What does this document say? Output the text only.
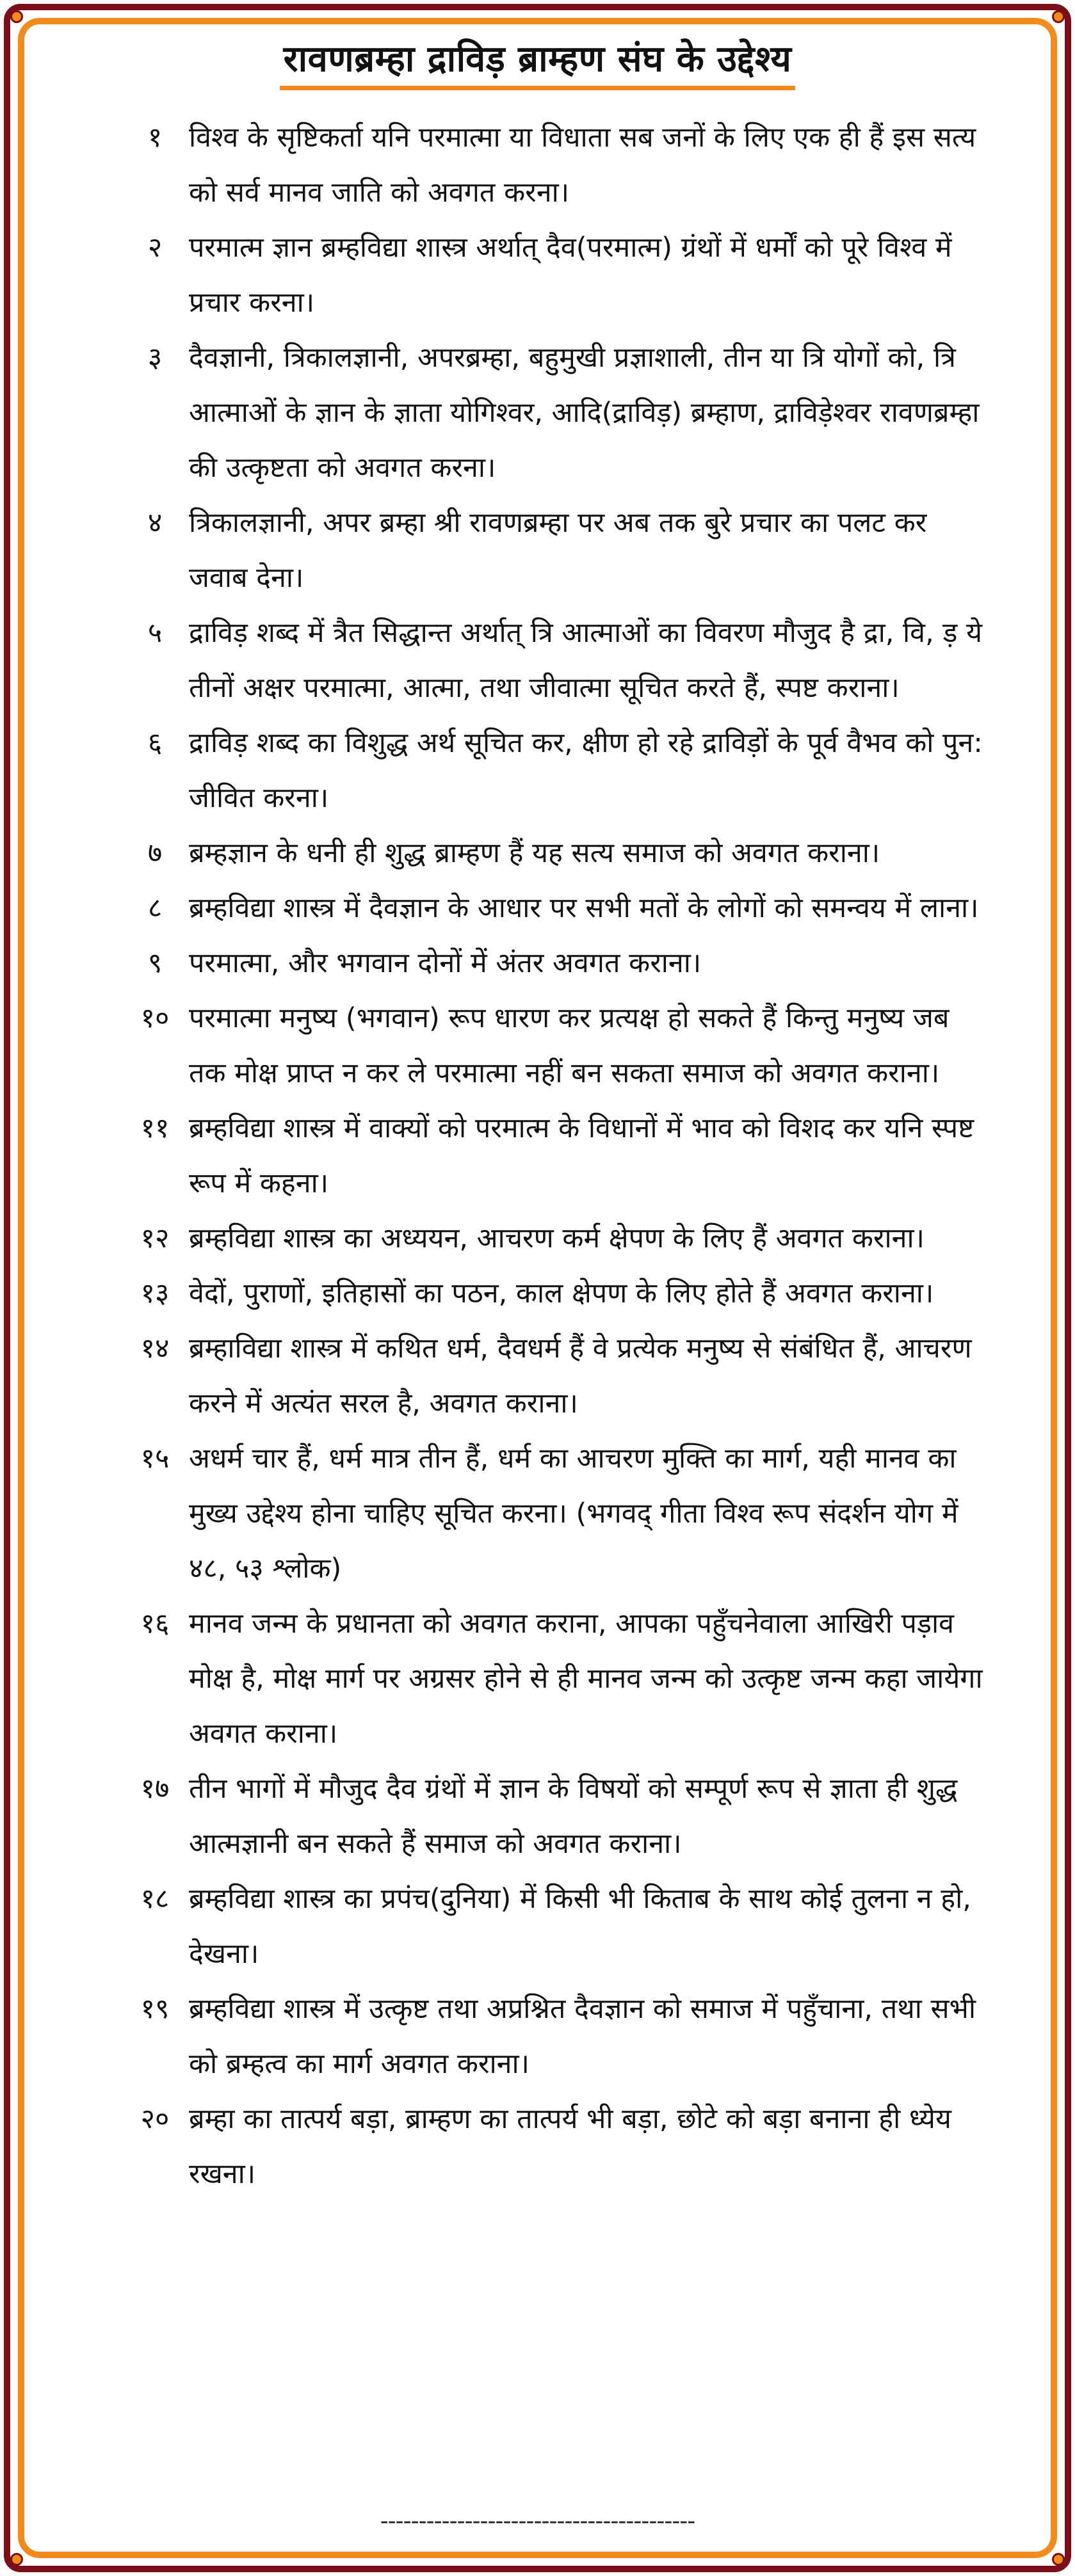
रावणब्रम्हा द्राविड़ ब्राम्हण संघ के उद्देश्य
१ विश्व के सृष्टिकर्ता यनि परमात्मा या विधाता सब जनों के लिए एक ही हैं इस सत्य को सर्व मानव जाति को अवगत करना।
२ परमात्म ज्ञान ब्रम्हविद्या शास्त्र अर्थात् दैव(परमात्म) ग्रंथों में धर्मों को पूरे विश्व में प्रचार करना।
३ दैवज्ञानी, त्रिकालज्ञानी, अपरब्रम्हा, बहुमुखी प्रज्ञाशाली, तीन या त्रि योगों को, त्रि आत्माओं के ज्ञान के ज्ञाता योगिश्वर, आदि(द्राविड़) ब्रम्हाण, द्राविड़ेश्वर रावणब्रम्हा की उत्कृष्टता को अवगत करना।
४ त्रिकालज्ञानी, अपर ब्रम्हा श्री रावणब्रम्हा पर अब तक बुरे प्रचार का पलट कर जवाब देना।
५ द्राविड़ शब्द में त्रैत सिद्धान्त अर्थात् त्रि आत्माओं का विवरण मौजुद है द्रा, वि, ड़ ये तीनों अक्षर परमात्मा, आत्मा, तथा जीवात्मा सूचित करते हैं, स्पष्ट कराना।
६ द्राविड़ शब्द का विशुद्ध अर्थ सूचित कर, क्षीण हो रहे द्राविड़ों के पूर्व वैभव को पुन: जीवित करना।
७ ब्रम्हज्ञान के धनी ही शुद्ध ब्राम्हण हैं यह सत्य समाज को अवगत कराना।
८ ब्रम्हविद्या शास्त्र में दैवज्ञान के आधार पर सभी मतों के लोगों को समन्वय में लाना।
९ परमात्मा, और भगवान दोनों में अंतर अवगत कराना।
१० परमात्मा मनुष्य (भगवान) रूप धारण कर प्रत्यक्ष हो सकते हैं किन्तु मनुष्य जब तक मोक्ष प्राप्त न कर ले परमात्मा नहीं बन सकता समाज को अवगत कराना।
११ ब्रम्हविद्या शास्त्र में वाक्यों को परमात्म के विधानों में भाव को विशद कर यनि स्पष्ट रूप में कहना।
१२ ब्रम्हविद्या शास्त्र का अध्ययन, आचरण कर्म क्षेपण के लिए हैं अवगत कराना।
१३ वेदों, पुराणों, इतिहासों का पठन, काल क्षेपण के लिए होते हैं अवगत कराना।
१४ ब्रम्हाविद्या शास्त्र में कथित धर्म, दैवधर्म हैं वे प्रत्येक मनुष्य से संबंधित हैं, आचरण करने में अत्यंत सरल है, अवगत कराना।
१५ अधर्म चार हैं, धर्म मात्र तीन हैं, धर्म का आचरण मुक्ति का मार्ग, यही मानव का मुख्य उद्देश्य होना चाहिए सूचित करना। (भगवद् गीता विश्व रूप संदर्शन योग में ४८, ५३ श्लोक)
१६ मानव जन्म के प्रधानता को अवगत कराना, आपका पहुँचनेवाला आखिरी पड़ाव मोक्ष है, मोक्ष मार्ग पर अग्रसर होने से ही मानव जन्म को उत्कृष्ट जन्म कहा जायेगा अवगत कराना।
१७ तीन भागों में मौजुद दैव ग्रंथों में ज्ञान के विषयों को सम्पूर्ण रूप से ज्ञाता ही शुद्ध आत्मज्ञानी बन सकते हैं समाज को अवगत कराना।
१८ ब्रम्हविद्या शास्त्र का प्रपंच(दुनिया) में किसी भी किताब के साथ कोई तुलना न हो, देखना।
१९ ब्रम्हविद्या शास्त्र में उत्कृष्ट तथा अप्रश्नित दैवज्ञान को समाज में पहुँचाना, तथा सभी को ब्रम्हत्व का मार्ग अवगत कराना।
२० ब्रम्हा का तात्पर्य बड़ा, ब्राम्हण का तात्पर्य भी बड़ा, छोटे को बड़ा बनाना ही ध्येय रखना।
-----------------------------------------
